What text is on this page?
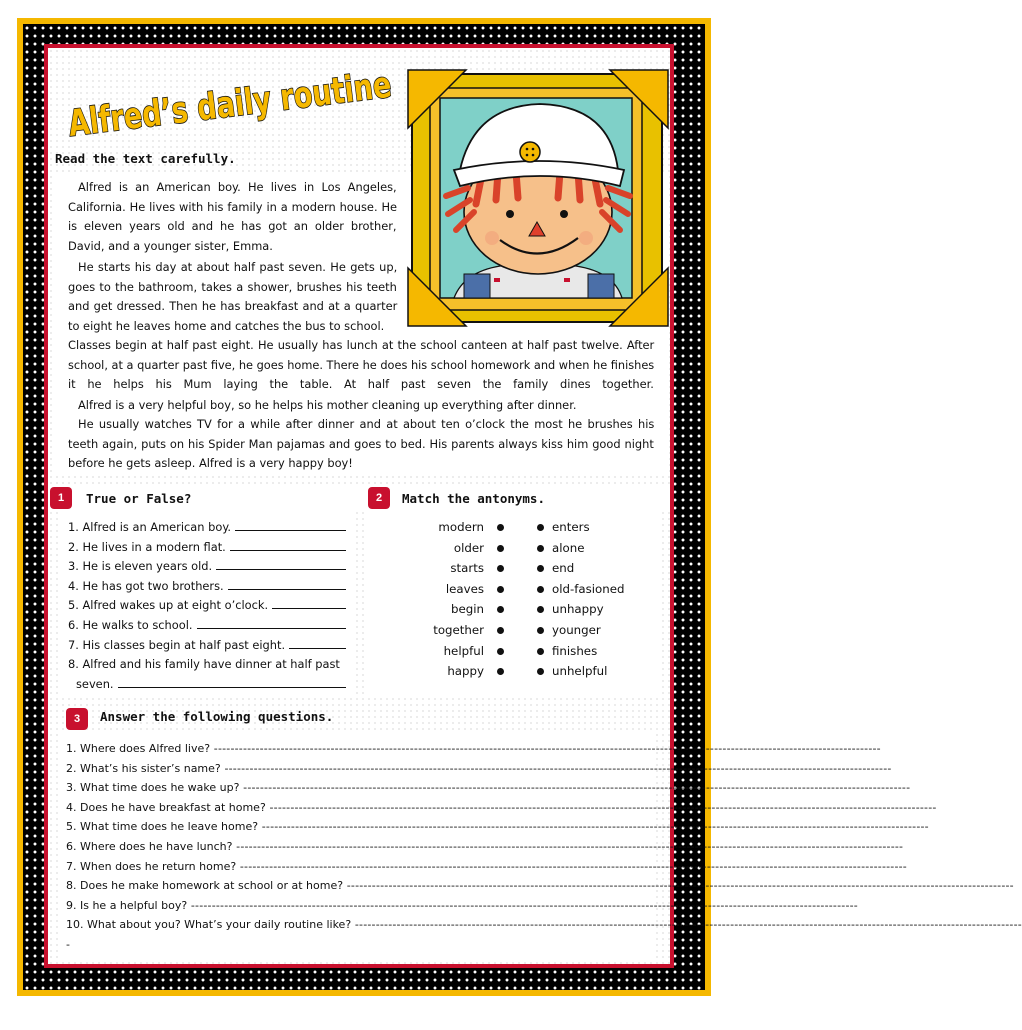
Alfred’s daily routine
Read the text carefully.
Alfred is an American boy. He lives in Los Angeles,
California. He lives with his family in a modern house. He
is eleven years old and he has got an older brother,
David, and a younger sister, Emma.
He starts his day at about half past seven. He gets up,
goes to the bathroom, takes a shower, brushes his teeth
and get dressed. Then he has breakfast and at a quarter
to eight he leaves home and catches the bus to school.
Classes begin at half past eight. He usually has lunch at the school canteen at half past twelve. After
school, at a quarter past five, he goes home. There he does his school homework and when he finishes
it he helps his Mum laying the table. At half past seven the family dines together.
Alfred is a very helpful boy, so he helps his mother cleaning up everything after dinner.
He usually watches TV for a while after dinner and at about ten o’clock the most he brushes his
teeth again, puts on his Spider Man pajamas and goes to bed. His parents always kiss him good night
before he gets asleep. Alfred is a very happy boy!
1	True or False?	2	Match the antonyms.
1. Alfred is an American boy.
2. He lives in a modern flat.
3. He is eleven years old.
4. He has got two brothers.
5. Alfred wakes up at eight o’clock.
6. He walks to school.
7. His classes begin at half past eight.
8. Alfred and his family have dinner at half past
seven.
modern	enters
older	alone
starts	end
leaves	old-fasioned
begin	unhappy
together	younger
helpful	finishes
happy	unhelpful
3	Answer the following questions.
1. Where does Alfred live? ----------------------------------------------------------------------------------------------------------------------------------------------------------------
2. What’s his sister’s name? ----------------------------------------------------------------------------------------------------------------------------------------------------------------
3. What time does he wake up? ----------------------------------------------------------------------------------------------------------------------------------------------------------------
4. Does he have breakfast at home? ----------------------------------------------------------------------------------------------------------------------------------------------------------------
5. What time does he leave home? ----------------------------------------------------------------------------------------------------------------------------------------------------------------
6. Where does he have lunch? ----------------------------------------------------------------------------------------------------------------------------------------------------------------
7. When does he return home? ----------------------------------------------------------------------------------------------------------------------------------------------------------------
8. Does he make homework at school or at home? ----------------------------------------------------------------------------------------------------------------------------------------------------------------
9. Is he a helpful boy? ----------------------------------------------------------------------------------------------------------------------------------------------------------------
10. What about you? What’s your daily routine like? ----------------------------------------------------------------------------------------------------------------------------------------------------------------
-
